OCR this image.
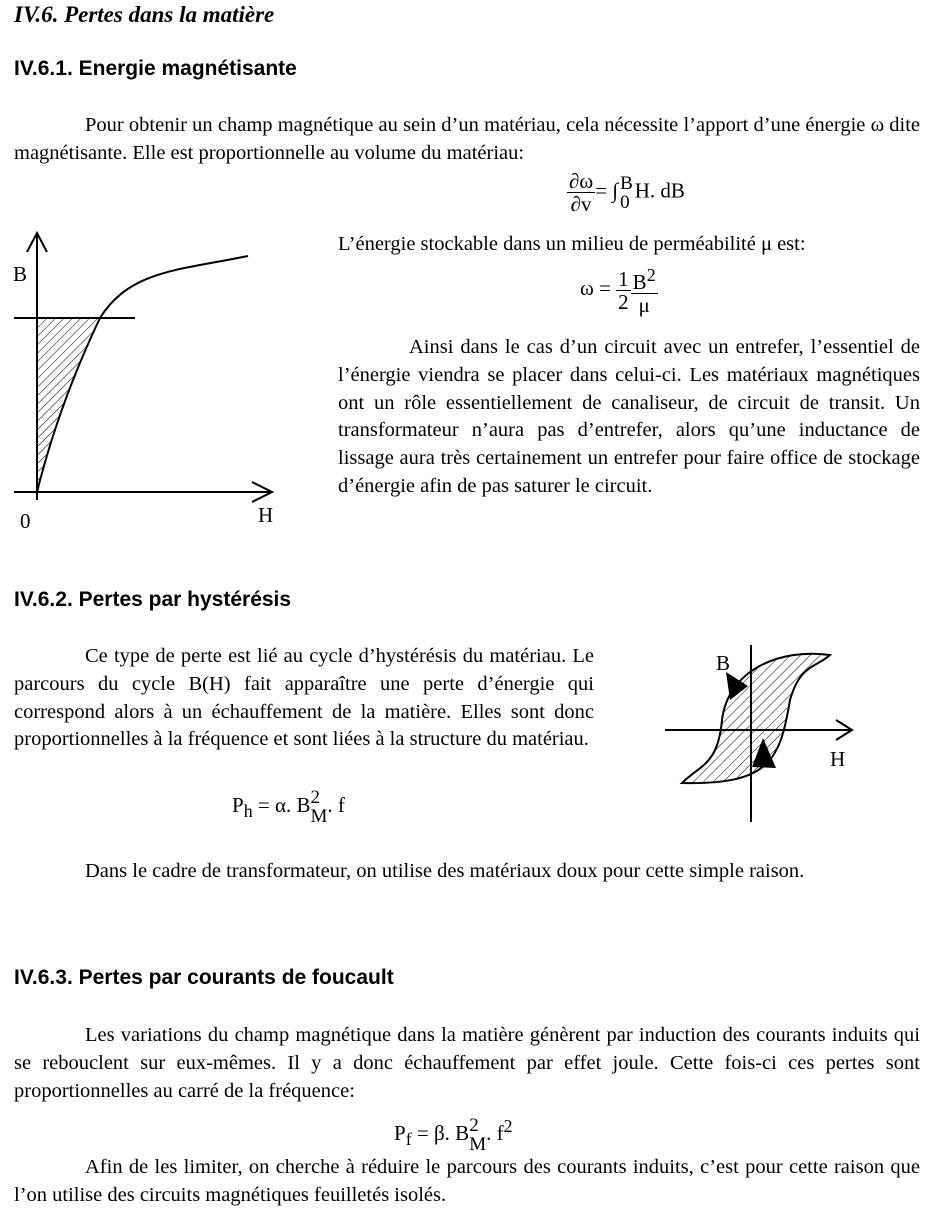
IV.6. Pertes dans la matière
IV.6.1. Energie magnétisante
Pour obtenir un champ magnétique au sein d’un matériau, cela nécessite l’apport d’une énergie ω dite magnétisante. Elle est proportionnelle au volume du matériau:
$\frac{\partial\omega}{\partial v}$ = ∫ B
0 H. dB
L’énergie stockable dans un milieu de perméabilité μ est:
$\omega = \frac{1}{2} \frac{B^2}{\mu}$
Ainsi dans le cas d’un circuit avec un entrefer, l’essentiel de l’énergie viendra se placer dans celui-ci. Les matériaux magnétiques ont un rôle essentiellement de canaliseur, de circuit de transit. Un transformateur n’aura pas d’entrefer, alors qu’une inductance de lissage aura très certainement un entrefer pour faire office de stockage d’énergie afin de pas saturer le circuit.
B
H
0
IV.6.2. Pertes par hystérésis
Ce type de perte est lié au cycle d’hystérésis du matériau. Le parcours du cycle B(H) fait apparaître une perte d’énergie qui correspond alors à un échauffement de la matière. Elles sont donc proportionnelles à la fréquence et sont liées à la structure du matériau.
$P_h = \alpha$. B 2
M . f
B
H
Dans le cadre de transformateur, on utilise des matériaux doux pour cette simple raison.
IV.6.3. Pertes par courants de foucault
Les variations du champ magnétique dans la matière génèrent par induction des courants induits qui se rebouclent sur eux-mêmes. Il y a donc échauffement par effet joule. Cette fois-ci ces pertes sont proportionnelles au carré de la fréquence:
$P_f = \beta$. B 2
M . $f^2$
Afin de les limiter, on cherche à réduire le parcours des courants induits, c’est pour cette raison que l’on utilise des circuits magnétiques feuilletés isolés.
